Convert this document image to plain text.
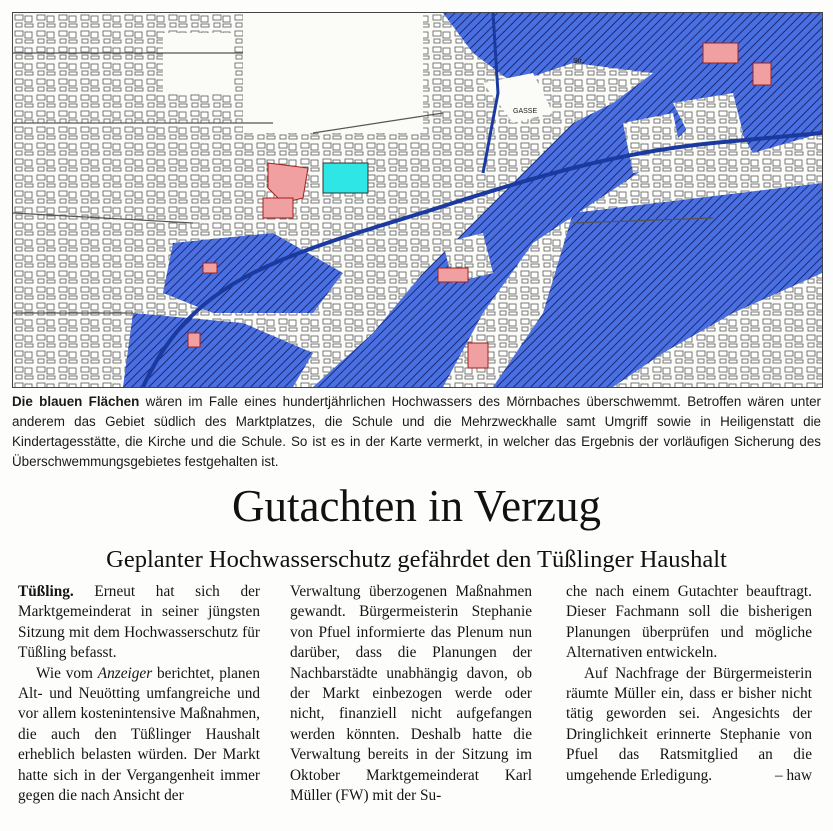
Str.
GASSE
Die blauen Flächen wären im Falle eines hundertjährlichen Hochwassers des Mörnbaches überschwemmt. Betroffen wären unter anderem das Gebiet südlich des Marktplatzes, die Schule und die Mehrzweckhalle samt Umgriff sowie in Heiligenstatt die Kindertagesstätte, die Kirche und die Schule. So ist es in der Karte vermerkt, in welcher das Ergebnis der vorläufigen Sicherung des Überschwemmungsgebietes festgehalten ist.
Gutachten in Verzug
Geplanter Hochwasserschutz gefährdet den Tüßlinger Haushalt

Tüßling. Erneut hat sich der Marktgemeinderat in seiner jüngsten Sitzung mit dem Hochwasserschutz für Tüßling befasst.

Wie vom Anzeiger berichtet, planen Alt- und Neuötting umfangreiche und vor allem kostenintensive Maßnahmen, die auch den Tüßlinger Haushalt erheblich belasten würden. Der Markt hatte sich in der Vergangenheit immer gegen die nach Ansicht der

Verwaltung überzogenen Maßnahmen gewandt. Bürgermeisterin Stephanie von Pfuel informierte das Plenum nun darüber, dass die Planungen der Nachbarstädte unabhängig davon, ob der Markt einbezogen werde oder nicht, finanziell nicht aufgefangen werden könnten. Deshalb hatte die Verwaltung bereits in der Sitzung im Oktober Marktgemeinderat Karl Müller (FW) mit der Su-

che nach einem Gutachter beauftragt. Dieser Fachmann soll die bisherigen Planungen überprüfen und mögliche Alternativen entwickeln.

Auf Nachfrage der Bürgermeisterin räumte Müller ein, dass er bisher nicht tätig geworden sei. Angesichts der Dringlichkeit erinnerte Stephanie von Pfuel das Ratsmitglied an die umgehende Erledigung.	– haw
